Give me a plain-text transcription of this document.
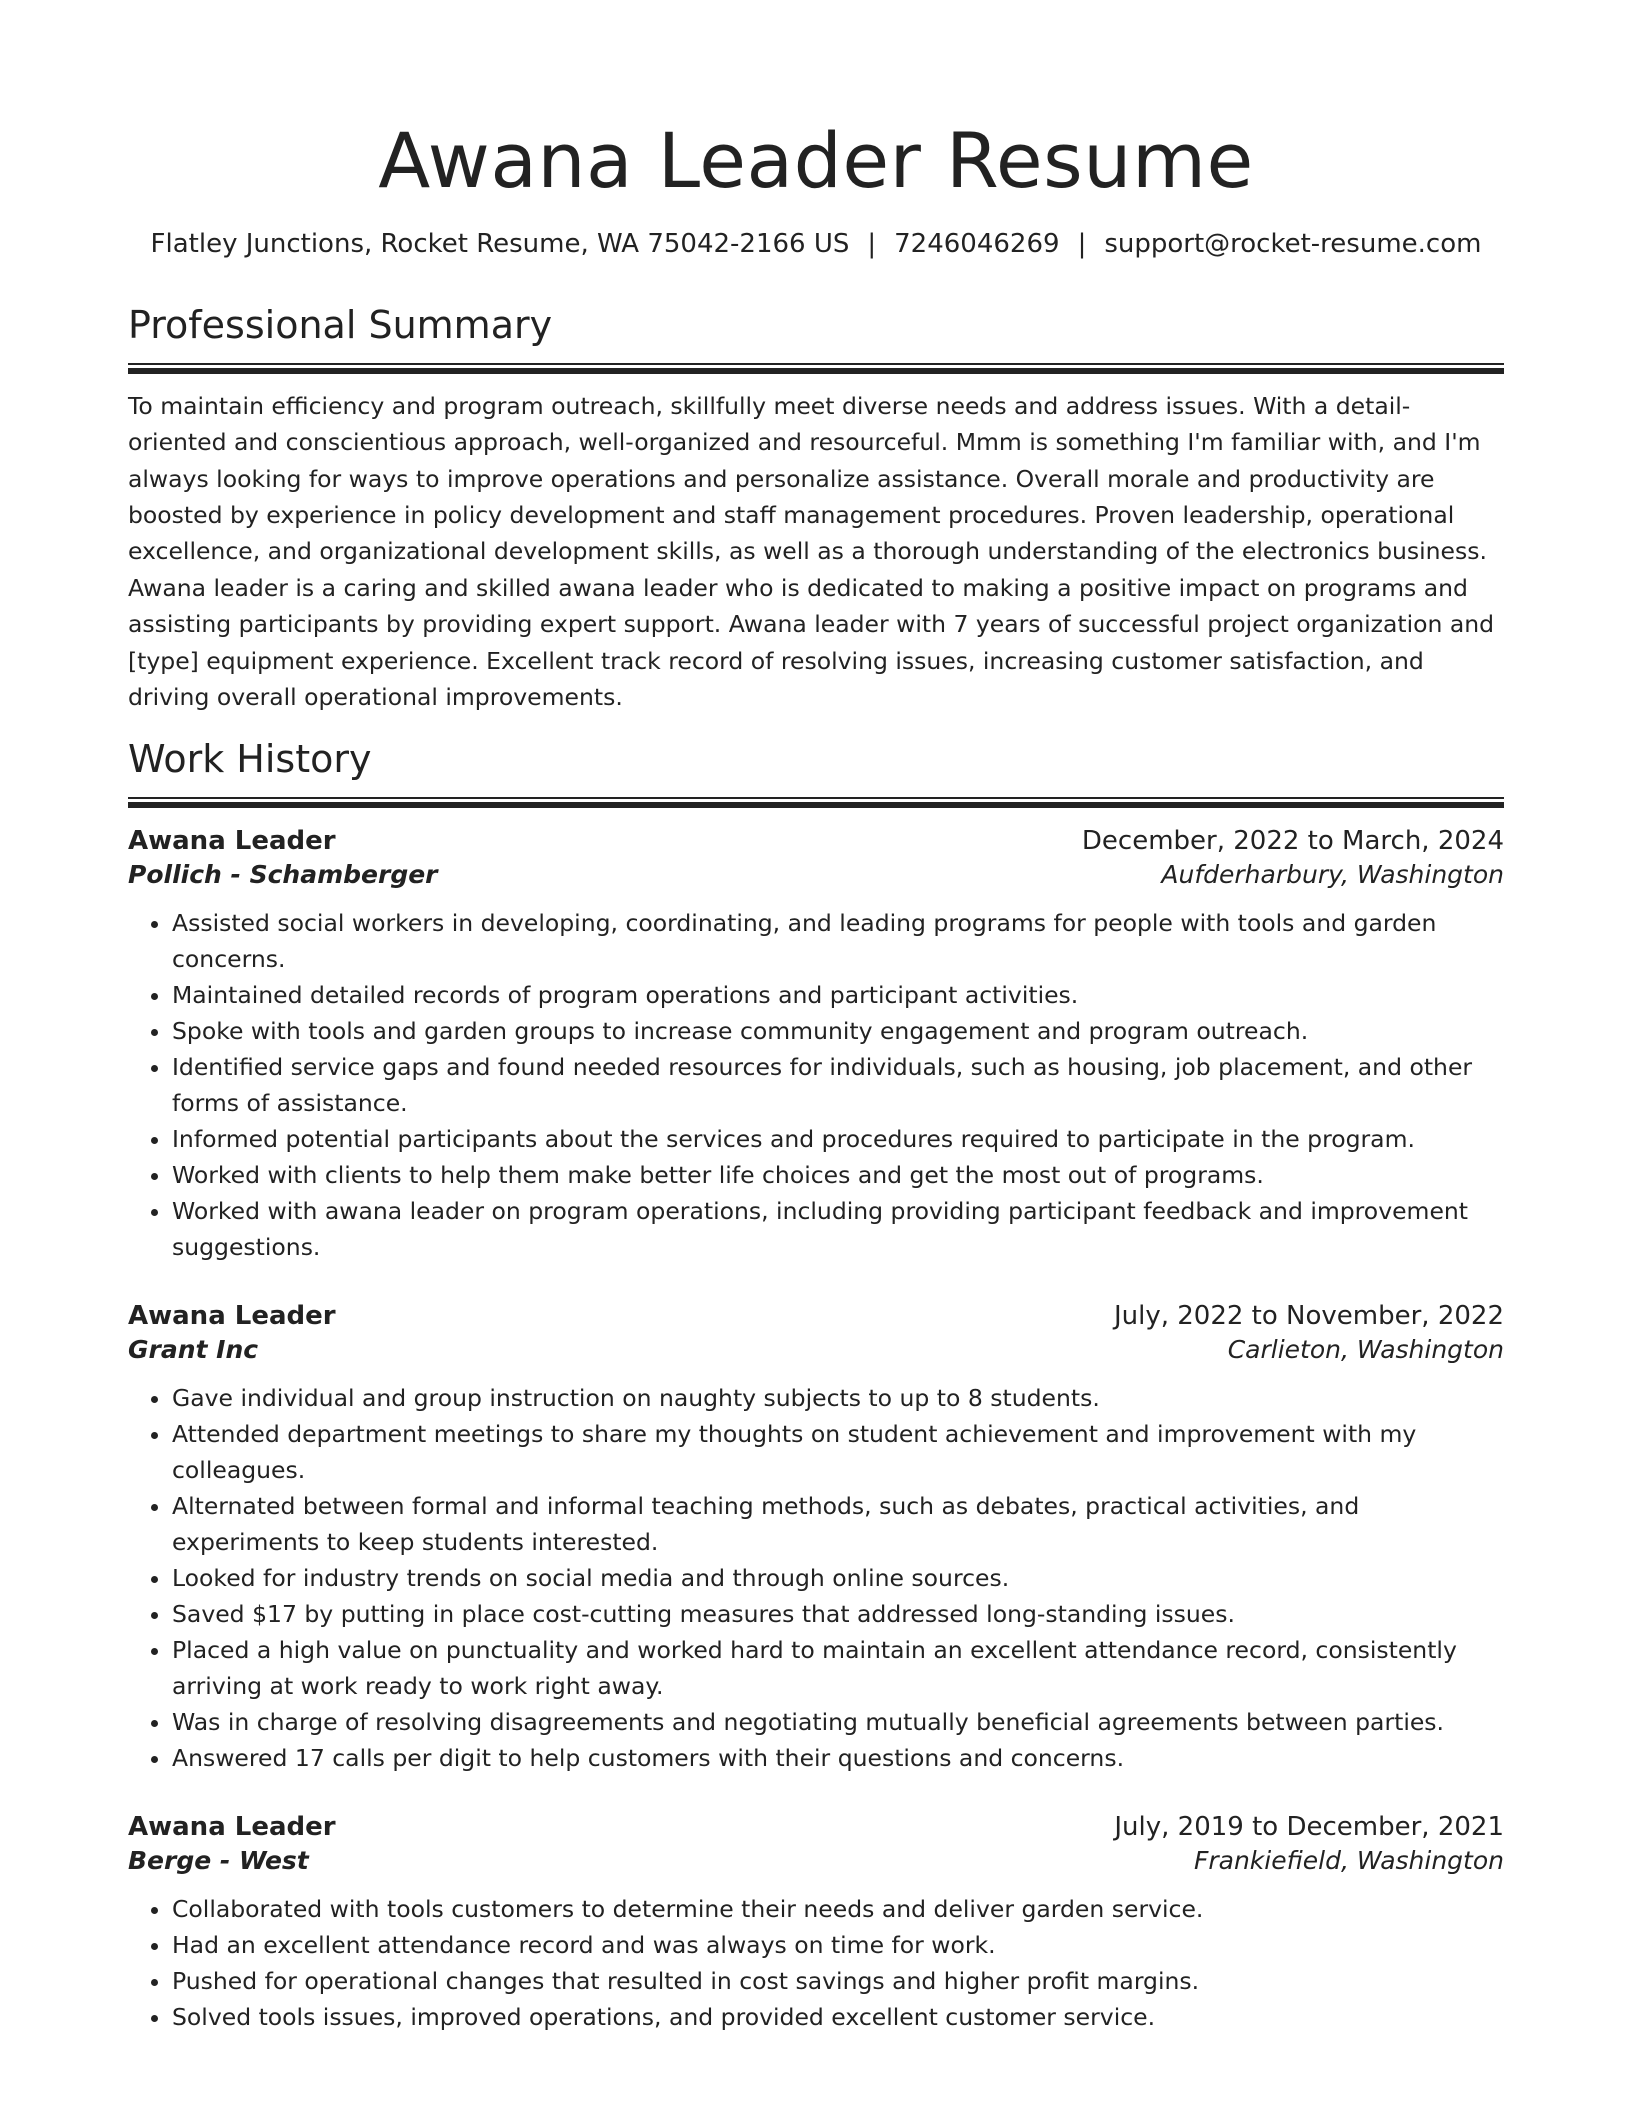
Awana Leader Resume
Flatley Junctions, Rocket Resume, WA 75042-2166 US | 7246046269 | support@rocket-resume.com
Professional Summary

To maintain efficiency and program outreach, skillfully meet diverse needs and address issues. With a detail-oriented and conscientious approach, well-organized and resourceful. Mmm is something I'm familiar with, and I'm always looking for ways to improve operations and personalize assistance. Overall morale and productivity are boosted by experience in policy development and staff management procedures. Proven leadership, operational excellence, and organizational development skills, as well as a thorough understanding of the electronics business. Awana leader is a caring and skilled awana leader who is dedicated to making a positive impact on programs and assisting participants by providing expert support. Awana leader with 7 years of successful project organization and [type] equipment experience. Excellent track record of resolving issues, increasing customer satisfaction, and driving overall operational improvements.

Work History
Awana Leader	December, 2022 to March, 2024
Pollich - Schamberger	Aufderharbury, Washington
• Assisted social workers in developing, coordinating, and leading programs for people with tools and garden concerns.
• Maintained detailed records of program operations and participant activities.
• Spoke with tools and garden groups to increase community engagement and program outreach.
• Identified service gaps and found needed resources for individuals, such as housing, job placement, and other forms of assistance.
• Informed potential participants about the services and procedures required to participate in the program.
• Worked with clients to help them make better life choices and get the most out of programs.
• Worked with awana leader on program operations, including providing participant feedback and improvement suggestions.
Awana Leader	July, 2022 to November, 2022
Grant Inc	Carlieton, Washington
• Gave individual and group instruction on naughty subjects to up to 8 students.
• Attended department meetings to share my thoughts on student achievement and improvement with my colleagues.
• Alternated between formal and informal teaching methods, such as debates, practical activities, and experiments to keep students interested.
• Looked for industry trends on social media and through online sources.
• Saved $17 by putting in place cost-cutting measures that addressed long-standing issues.
• Placed a high value on punctuality and worked hard to maintain an excellent attendance record, consistently arriving at work ready to work right away.
• Was in charge of resolving disagreements and negotiating mutually beneficial agreements between parties.
• Answered 17 calls per digit to help customers with their questions and concerns.
Awana Leader	July, 2019 to December, 2021
Berge - West	Frankiefield, Washington
• Collaborated with tools customers to determine their needs and deliver garden service.
• Had an excellent attendance record and was always on time for work.
• Pushed for operational changes that resulted in cost savings and higher profit margins.
• Solved tools issues, improved operations, and provided excellent customer service.
